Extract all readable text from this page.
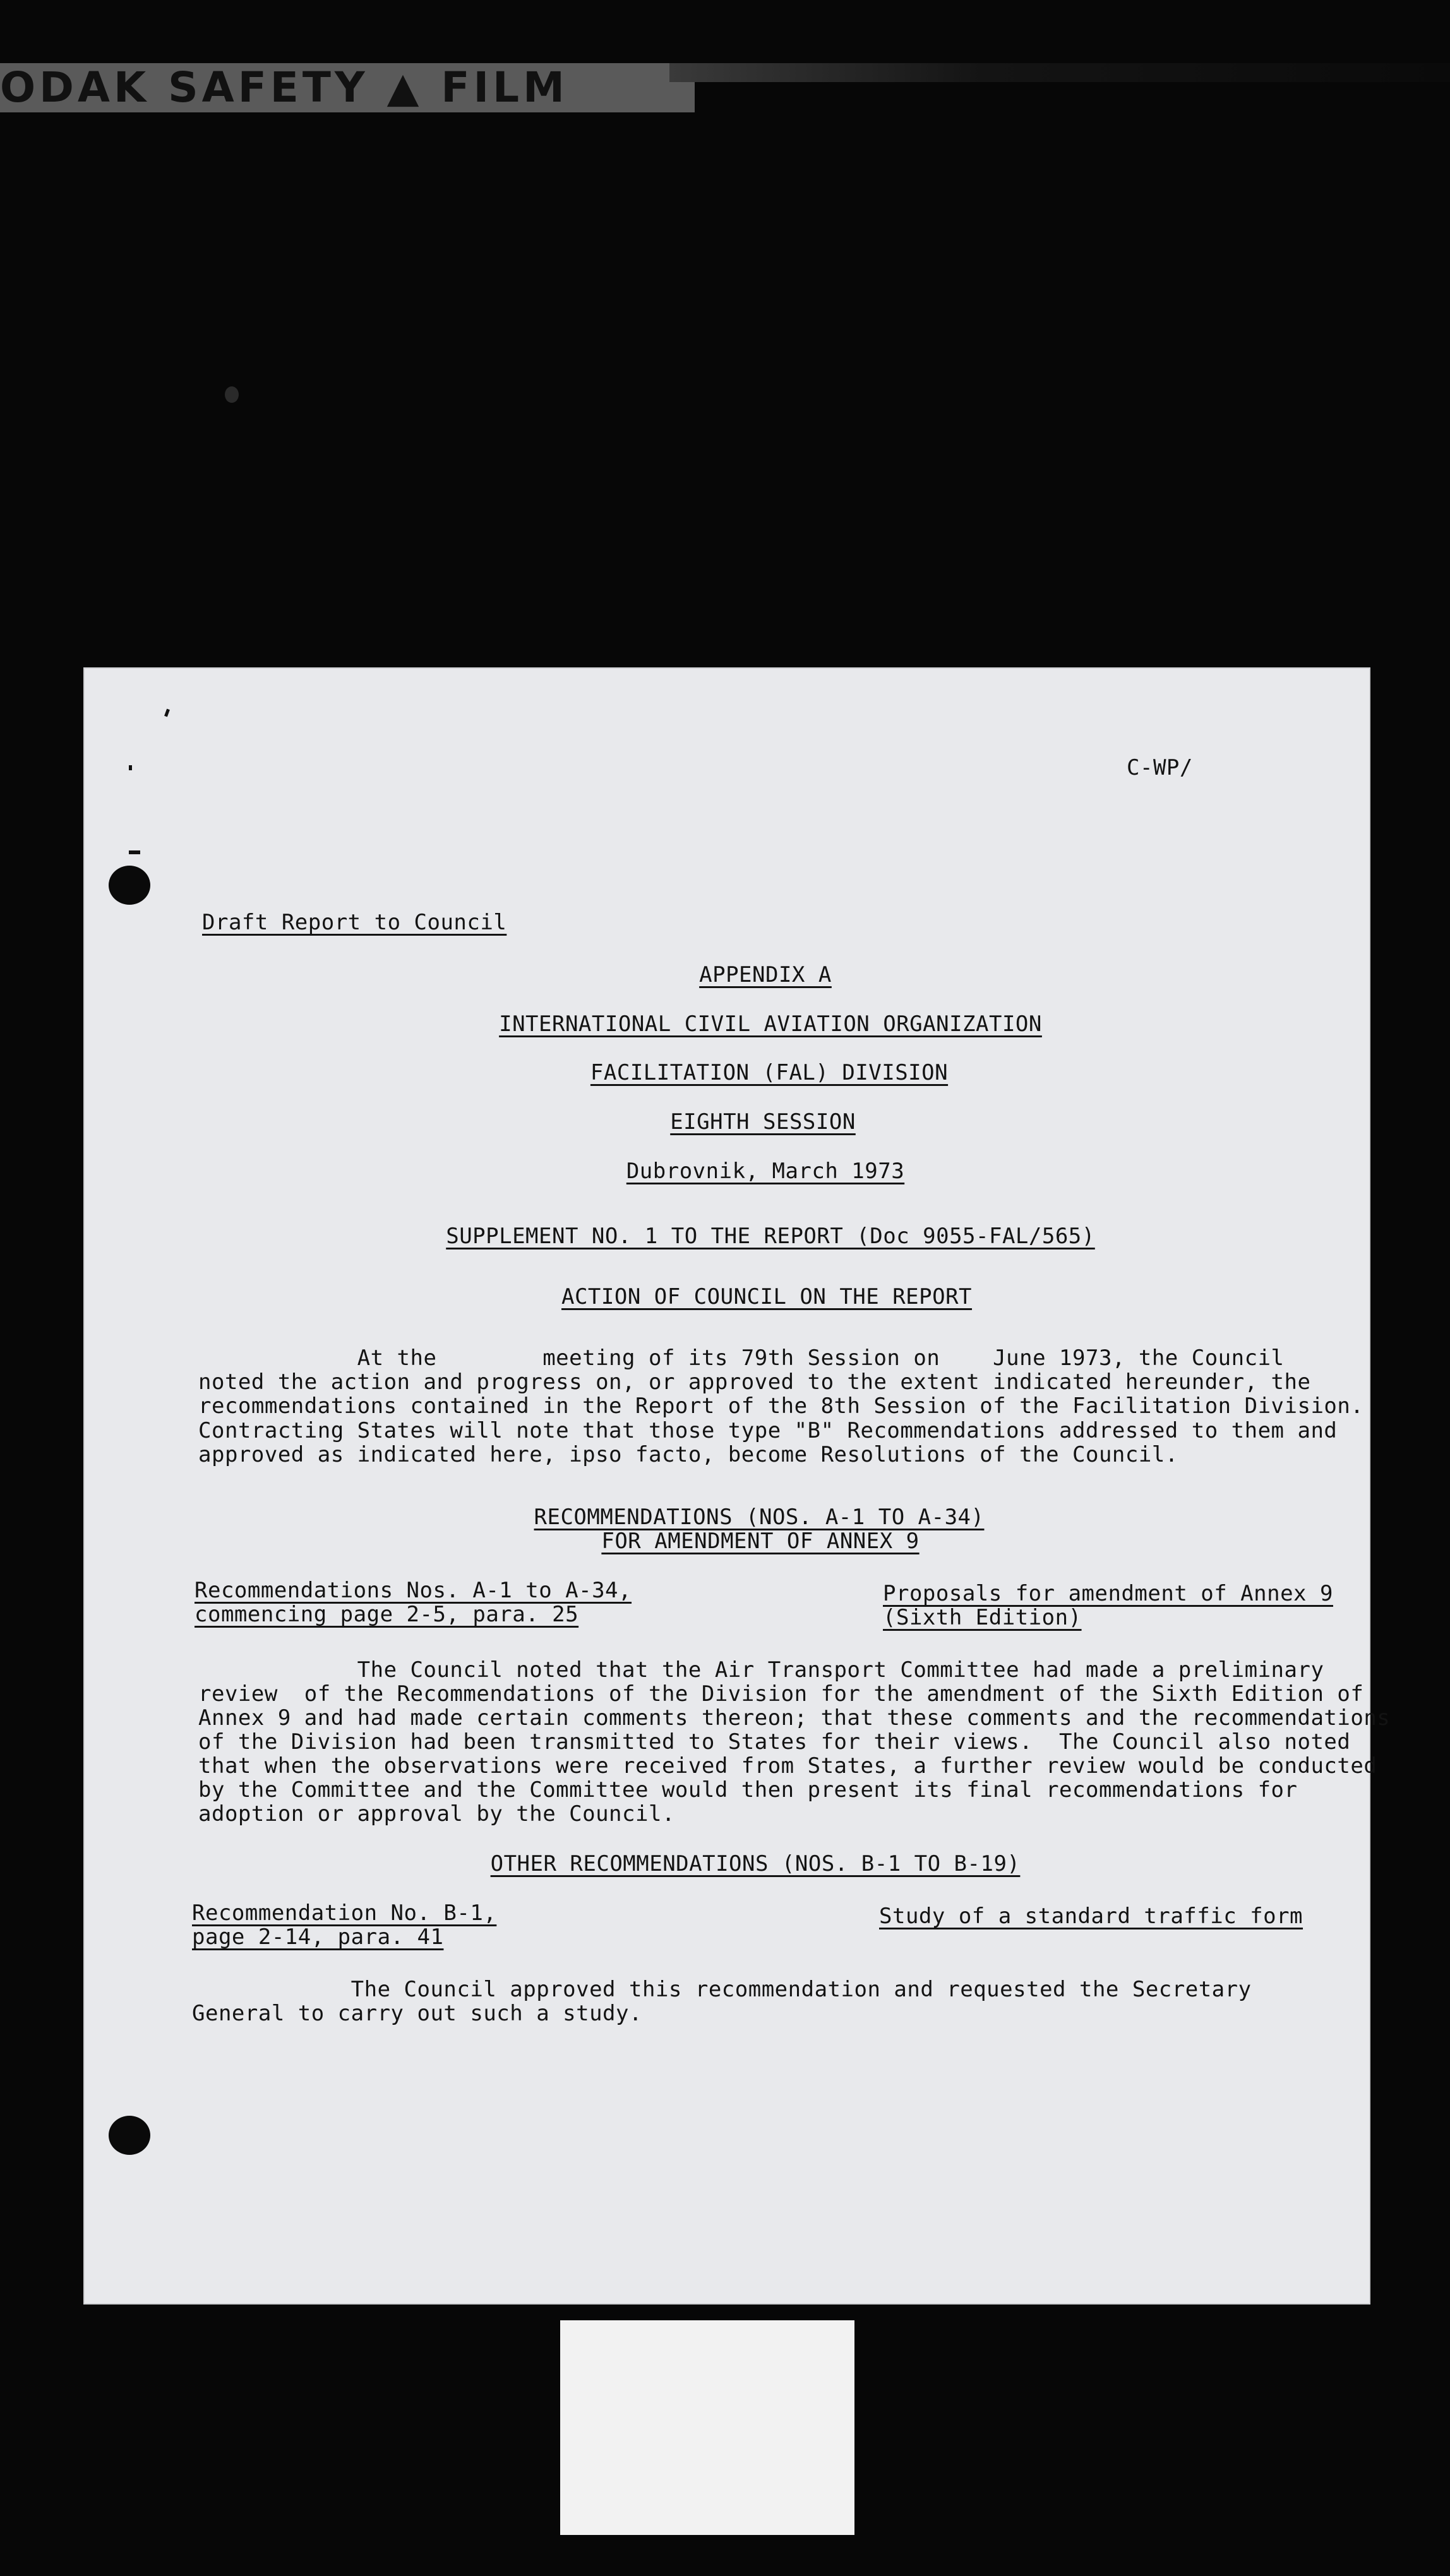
ODAK SAFETY ▲ FILM
C-WP/
Draft Report to Council
APPENDIX A
INTERNATIONAL CIVIL AVIATION ORGANIZATION
FACILITATION (FAL) DIVISION
EIGHTH SESSION
Dubrovnik, March 1973
SUPPLEMENT NO. 1 TO THE REPORT (Doc 9055-FAL/565)
ACTION OF COUNCIL ON THE REPORT
At the        meeting of its 79th Session on    June 1973, the Council
noted the action and progress on, or approved to the extent indicated hereunder, the
recommendations contained in the Report of the 8th Session of the Facilitation Division.
Contracting States will note that those type "B" Recommendations addressed to them and
approved as indicated here, ipso facto, become Resolutions of the Council.
RECOMMENDATIONS (NOS. A-1 TO A-34)
FOR AMENDMENT OF ANNEX 9
Recommendations Nos. A-1 to A-34,
commencing page 2-5, para. 25
Proposals for amendment of Annex 9
(Sixth Edition)
The Council noted that the Air Transport Committee had made a preliminary
review  of the Recommendations of the Division for the amendment of the Sixth Edition of
Annex 9 and had made certain comments thereon; that these comments and the recommendations
of the Division had been transmitted to States for their views.  The Council also noted
that when the observations were received from States, a further review would be conducted
by the Committee and the Committee would then present its final recommendations for
adoption or approval by the Council.
OTHER RECOMMENDATIONS (NOS. B-1 TO B-19)
Recommendation No. B-1,
page 2-14, para. 41
Study of a standard traffic form
The Council approved this recommendation and requested the Secretary
General to carry out such a study.
